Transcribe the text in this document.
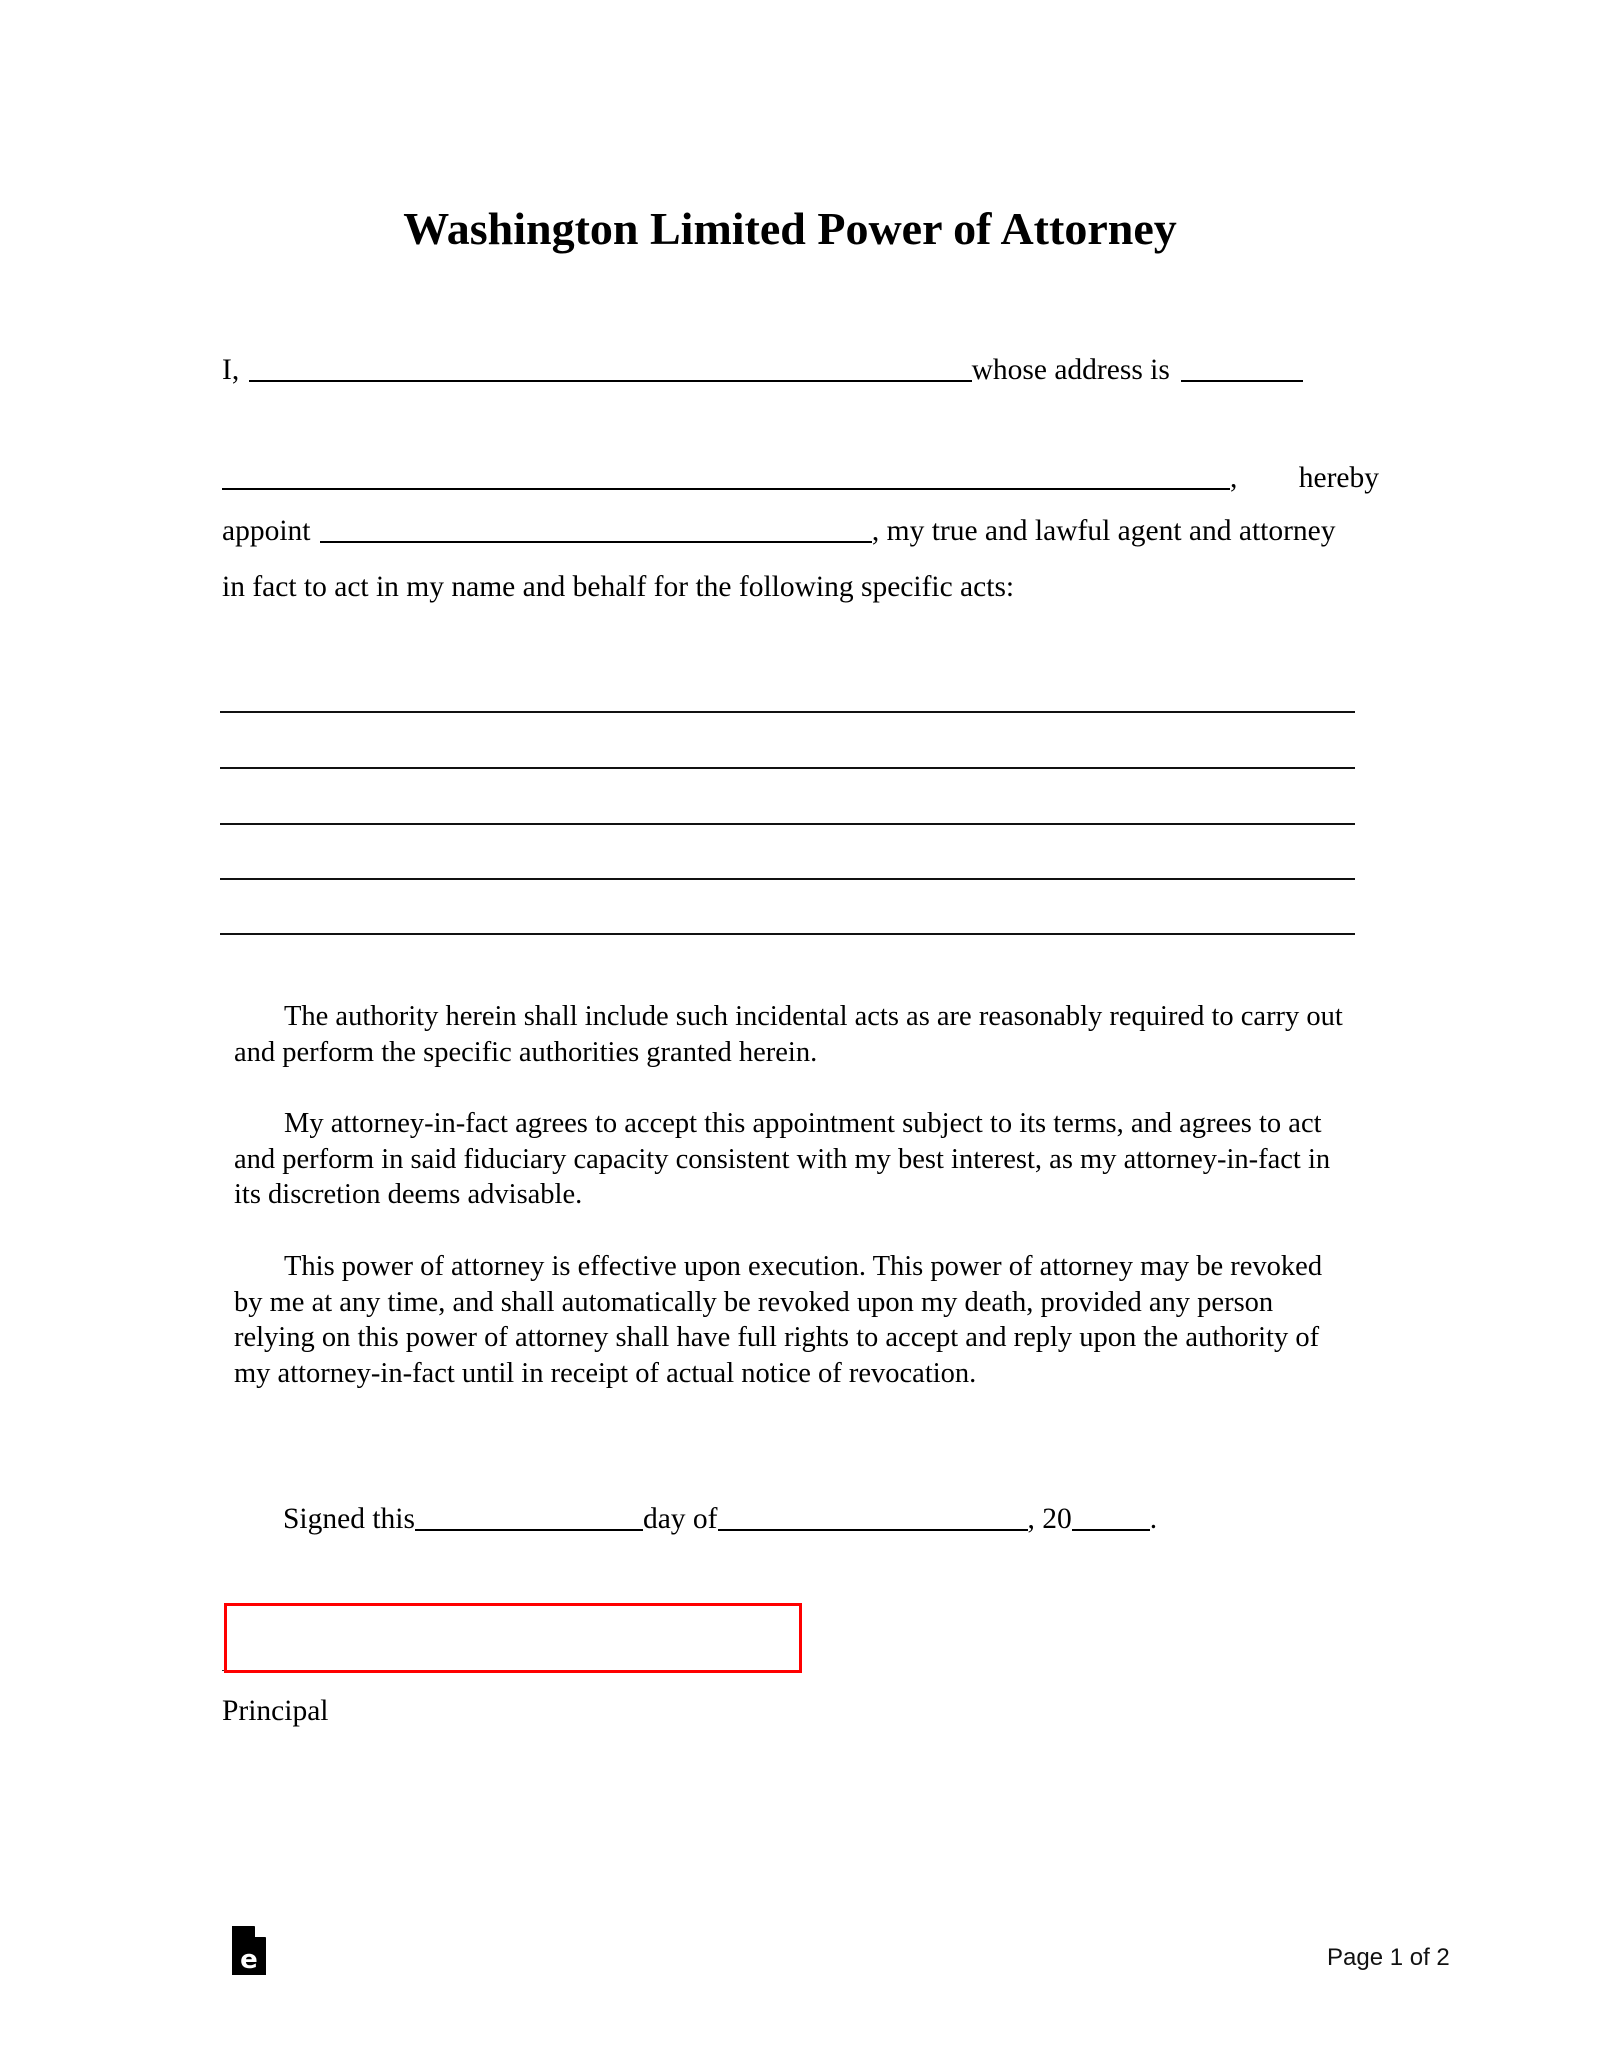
Washington Limited Power of Attorney
I,	whose address is
, hereby
appoint	, my true and lawful agent and attorney
in fact to act in my name and behalf for the following specific acts:
The authority herein shall include such incidental acts as are reasonably required to carry out and perform the specific authorities granted herein.
My attorney-in-fact agrees to accept this appointment subject to its terms, and agrees to act and perform in said fiduciary capacity consistent with my best interest, as my attorney-in-fact in its discretion deems advisable.
This power of attorney is effective upon execution. This power of attorney may be revoked by me at any time, and shall automatically be revoked upon my death, provided any person relying on this power of attorney shall have full rights to accept and reply upon the authority of my attorney-in-fact until in receipt of actual notice of revocation.
Signed this	day of	, 20	.
Principal
e	Page 1 of 2
